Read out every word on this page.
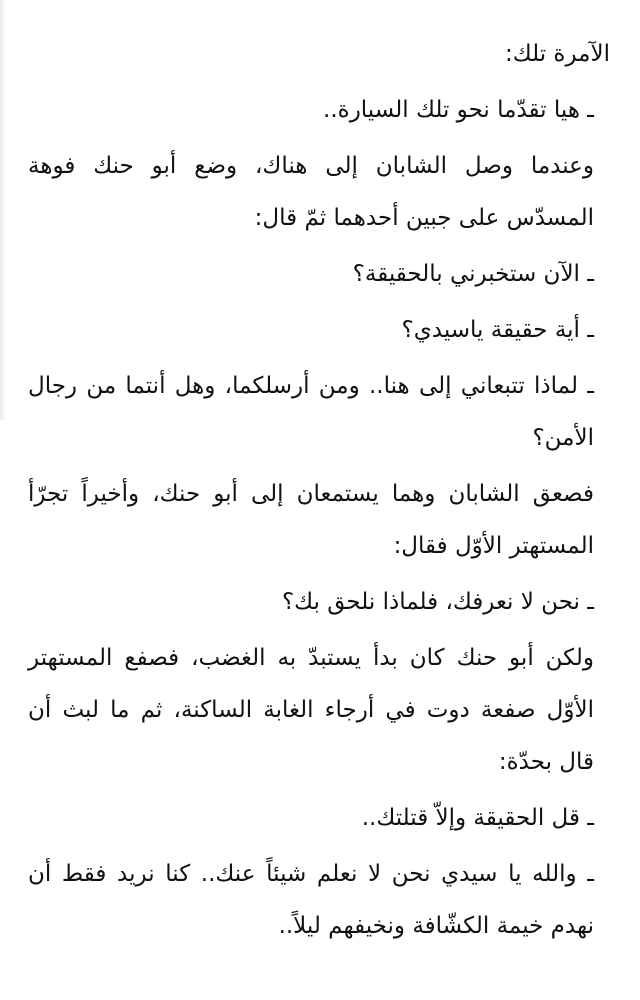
الآمرة تلك:

ـ هيا تقدّما نحو تلك السيارة..

وعندما وصل الشابان إلى هناك، وضع أبو حنك فوهة المسدّس على جبين أحدهما ثمّ قال:

ـ الآن ستخبرني بالحقيقة؟

ـ أية حقيقة ياسيدي؟

ـ لماذا تتبعاني إلى هنا.. ومن أرسلكما، وهل أنتما من رجال الأمن؟

فصعق الشابان وهما يستمعان إلى أبو حنك، وأخيراً تجرّأ المستهتر الأوّل فقال:

ـ نحن لا نعرفك، فلماذا نلحق بك؟

ولكن أبو حنك كان بدأ يستبدّ به الغضب، فصفع المستهتر الأوّل صفعة دوت في أرجاء الغابة الساكنة، ثم ما لبث أن قال بحدّة:

ـ قل الحقيقة وإلاّ قتلتك..

ـ والله يا سيدي نحن لا نعلم شيئاً عنك.. كنا نريد فقط أن نهدم خيمة الكشّافة ونخيفهم ليلاً..
